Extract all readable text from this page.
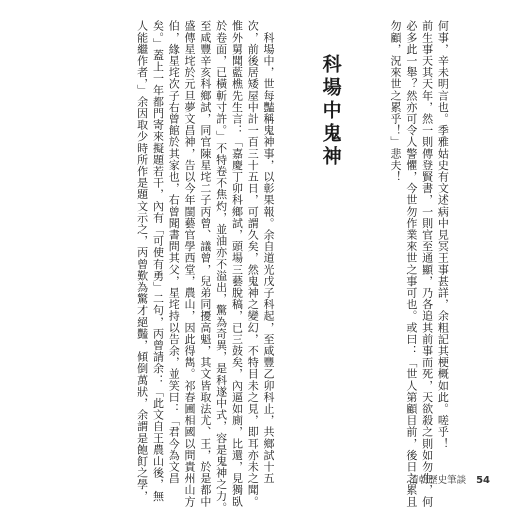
何事，辛未明言也。季雅姑史有文述病中見冥王事甚詳，余粗記其梗概如此。嗟乎！
前生事天其天年，然一則傳登賢書，一則官至通顯，乃各追其前事而死，天欲殺之則如勿生，何
必多此一舉？然亦可令人警懼，今世勿作業來世之事可也。或曰：「世人第顧目前，後日之累且
勿顧，況來世之累乎！」悲夫！

科場中鬼神

　科場中，世每豔稱鬼神事，以彰果報。余自道光戊子科起，至咸豐乙卯科止，共鄉試十五
次，前後居矮屋中計一百三十五日，可謂久矣，然鬼神之變幻，不特目未之見，即耳亦未之聞。
惟外舅聞藍樵先生言：「嘉慶丁卯科鄉試，頭場三藝脫稿，已三鼓矣，內逼如廁，比還，見獨臥
於卷面，已橫斬寸許。」不特卷不焦灼，並油亦不溢出，驚為奇異，是科遂中式，容是鬼神之力。
至咸豐辛亥科鄉試，同官陳星垞二子丙曾、議曾，兒弟同擾高魁，其文皆取法尤、王，於是都中
盛傳星垞於元旦夢文昌神，告以今年閩藝官學西堂，農山，因此得雋。祁春圃相國以問貴州山方
伯，緣星垞次子右曾館於其家也，右曾聞書問其父，星垞持以告余，並笑曰：「君今為文昌
矣。」蓋上一年都門寄來擬題若干，內有「可使有勇」二句，丙曾請余：「此文自王農山後，無
人能繼作者，」余因取少時所作是題文示之，丙曾歎為驚才絕豔，傾倒萬狀，余謂是飽飣之學，

	清朝歷史筆談 54
